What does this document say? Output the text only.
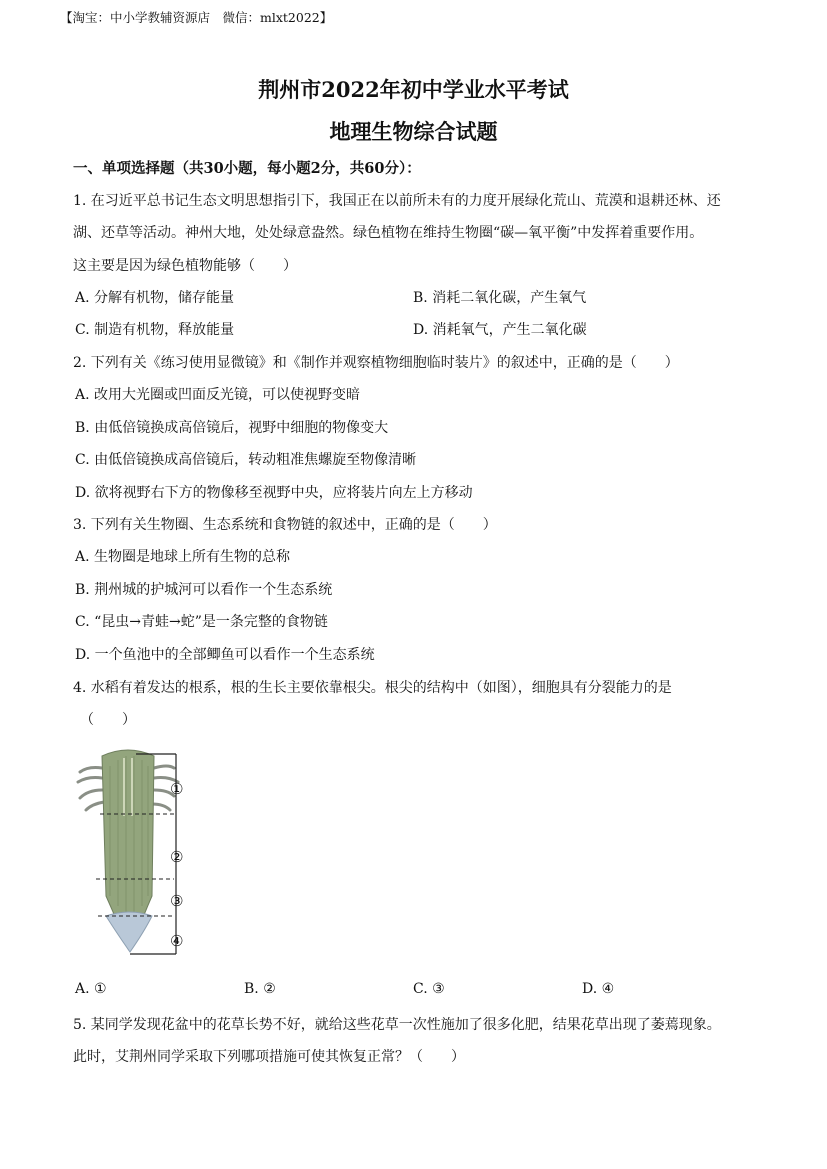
【淘宝：中小学教辅资源店　微信：mlxt2022】
荆州市2022年初中学业水平考试
地理生物综合试题
一、单项选择题（共30小题，每小题2分，共60分）：
1. 在习近平总书记生态文明思想指引下，我国正在以前所未有的力度开展绿化荒山、荒漠和退耕还林、还
湖、还草等活动。神州大地，处处绿意盎然。绿色植物在维持生物圈“碳—氧平衡”中发挥着重要作用。
这主要是因为绿色植物能够（　　）
A. 分解有机物，储存能量	B. 消耗二氧化碳，产生氧气
C. 制造有机物，释放能量	D. 消耗氧气，产生二氧化碳
2. 下列有关《练习使用显微镜》和《制作并观察植物细胞临时装片》的叙述中，正确的是（　　）
A. 改用大光圈或凹面反光镜，可以使视野变暗
B. 由低倍镜换成高倍镜后，视野中细胞的物像变大
C. 由低倍镜换成高倍镜后，转动粗准焦螺旋至物像清晰
D. 欲将视野右下方的物像移至视野中央，应将装片向左上方移动
3. 下列有关生物圈、生态系统和食物链的叙述中，正确的是（　　）
A. 生物圈是地球上所有生物的总称
B. 荆州城的护城河可以看作一个生态系统
C. “昆虫→青蛙→蛇”是一条完整的食物链
D. 一个鱼池中的全部鲫鱼可以看作一个生态系统
4. 水稻有着发达的根系，根的生长主要依靠根尖。根尖的结构中（如图），细胞具有分裂能力的是
（　　）
①
②
③
④
A. ①	B. ②	C. ③	D. ④
5. 某同学发现花盆中的花草长势不好，就给这些花草一次性施加了很多化肥，结果花草出现了萎蔫现象。
此时，艾荆州同学采取下列哪项措施可使其恢复正常？（　　）
